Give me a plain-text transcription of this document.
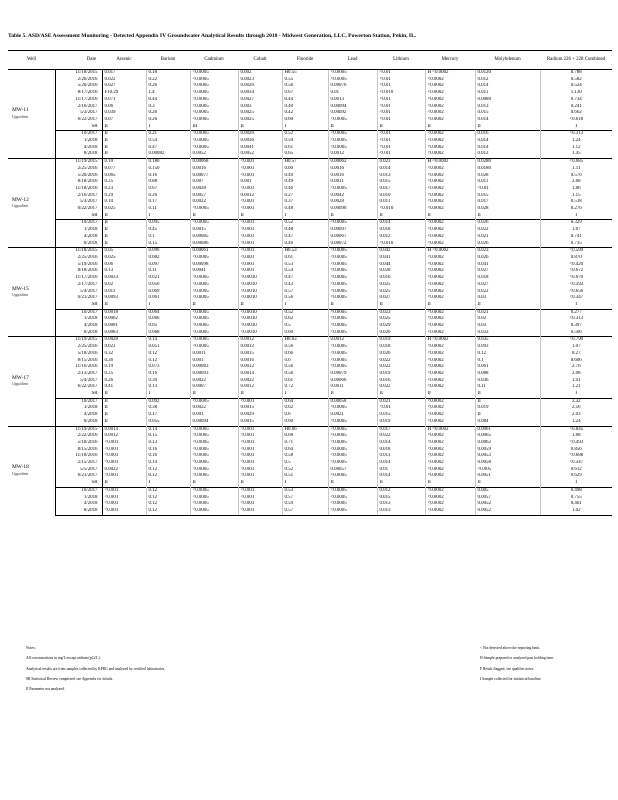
Table 5. ASD/ASE Assessment Monitoring - Detected Appendix IV Groundwater Analytical Results through 2018 - Midwest Generation, LLC, Powerton Station, Pekin, IL.
Well	Date	Arsenic	Barium	Cadmium	Cobalt	Fluoride	Lead	Lithium	Mercury	Molybdenum	Radium 226 + 228 Combined

MW-11
Upgradient	11/18/2015	0.017	0.18	<0.0005	0.002	H0.55	<0.0005	<0.01	H <0.0002	0.0120	0.788
	2/26/2016	0.022	0.22	<0.0005	0.0023	0.55	<0.0005	<0.01	<0.0002	0.012	0.582
	5/20/2016	0.027	0.26	<0.0005	0.0026	0.56	0.00076	<0.01	<0.0002	0.014	0.524
	8/17/2016	F10.29	1.4	<0.0005	0.0034	0.67	0.01	<0.010	<0.0002	0.011	1.130
	11/17/2016	0.071	0.44	<0.0005	0.0027	0.44	0.0013	<0.01	<0.0002	0.0088	0.734
	2/16/2017	0.06	0.3	<0.0005	0.003	0.40	0.00094	<0.01	<0.0002	0.013	0.241
	5/3/2017	0.039	0.26	<0.0005	0.0025	0.42	0.00092	<0.01	<0.0002	0.015	0.662
	6/22/2017	0.07	0.26	<0.0005	0.0025	0.60	<0.0005	<0.01	<0.0002	0.014	<0.618
	SR	II	I	III	II	I	II	II	II	II	I
	10/2017	II	0.21	<0.0005	0.0026	0.52	<0.0005	<0.01	<0.0002	0.016	<0.313
	1/2018	II	0.54	<0.0005	0.0036	0.59	<0.0005	<0.01	<0.0002	0.014	1.24
	4/2018	II	0.47	<0.0005	0.0041	0.61	<0.0005	<0.01	<0.0002	0.014	1.12
	8/2018	II	0.00082	0.0052	0.0052	0.65	0.0012	<0.01	<0.0002	0.012	1.45

MW-12
Upgradient	11/19/2015	0.10	0.180	0.00068	<0.001	H0.57	0.00062	0.023	H <0.0002	0.0280	<0.685
	2/25/2016	0.077	0.150	0.0016	<0.001	0.60	0.0016	0.014	<0.0002	0.0180	1.11
	5/20/2016	0.065	0.16	0.00077	<0.001	0.49	0.0016	0.013	<0.0002	0.028	0.576
	8/18/2016	0.25	0.88	0.007	0.001	0.49	0.0011	0.015	<0.0002	0.011	2.68
	11/18/2016	0.23	0.67	0.0028	<0.001	0.46	<0.0005	0.017	<0.0002	<0.01	1.86
	2/16/2017	0.29	0.26	0.0057	0.0012	0.27	0.0042	0.010	<0.0002	0.015	1.15
	5/3/2017	0.10	0.17	0.0022	<0.001	0.37	0.0028	0.011	<0.0002	0.017	0.518
	6/22/2017	0.025	0.11	<0.0005	<0.001	0.48	0.00096	<0.010	<0.0002	0.028	0.276
	SR	II	I	II	II	I	II	II	II	II	I
	10/2017	II	0.095	<0.0005	<0.001	0.52	<0.0005	0.014	<0.0002	0.026	0.329
	1/2018	II	0.45	0.0015	<0.001	0.48	0.00097	0.018	<0.0002	0.022	1.67
	4/2018	II	0.1	0.00085	<0.001	0.47	0.00067	0.012	<0.0002	0.021	0.741
	8/2018	II	0.15	0.00086	<0.001	0.46	0.00072	<0.010	<0.0002	0.026	0.735

MW-15
Upgradient	11/18/2015	0.05	0.096	0.00061	<0.001	H0.53	<0.0005	0.042	H <0.0002	0.023	<0.599
	2/25/2016	0.025	0.082	<0.0005	<0.001	0.61	<0.0005	0.041	<0.0002	0.026	0.870
	5/19/2016	0.06	0.097	0.00098	<0.001	0.53	<0.0005	0.044	<0.0002	0.041	<0.420
	8/18/2016	0.13	0.11	0.0041	<0.001	0.54	<0.0005	0.028	<0.0002	0.027	<0.672
	11/17/2016	0.0033	0.021	<0.0005	<0.0010	0.47	<0.0005	0.016	<0.0002	0.018	<0.670
	2/17/2017	0.02	0.056	<0.0005	<0.0010	0.43	<0.0005	0.025	<0.0002	0.027	<0.393
	5/4/2017	0.011	0.069	<0.0005	<0.0010	0.57	<0.0005	0.025	<0.0002	0.022	<0.656
	6/21/2017	0.0093	0.061	<0.0005	<0.0010	0.56	<0.0005	0.027	<0.0002	0.03	<0.347
	SR	II	I	II	II	I	II	II	II	II	I
	10/2017	0.0018	0.064	<0.0005	<0.0010	0.52	<0.0005	0.023	<0.0002	0.021	0.277
	1/2018	0.0062	0.066	<0.0005	<0.0010	0.62	<0.0005	0.025	<0.0002	0.02	<0.313
	4/2018	0.0081	0.05	<0.0005	<0.0010	0.5	<0.0005	0.029	<0.0002	0.03	0.397
	8/2018	0.0083	0.068	<0.0005	<0.0010	0.60	<0.0005	0.026	<0.0002	0.033	0.566

MW-17
Upgradient	11/19/2015	0.0028	0.14	<0.0005	0.0012	H0.63	0.0012	0.019	H <0.0002	0.035	<0.790
	2/25/2016	0.021	0.051	<0.0005	0.0012	0.56	<0.0005	0.018	<0.0002	0.093	1.07
	5/18/2016	0.32	0.12	0.0011	0.0015	0.66	<0.0005	0.026	<0.0002	0.12	8.27
	8/15/2016	0.36	0.12	0.001	0.0016	0.6	<0.0005	0.022	<0.0002	0.1	0.606
	11/16/2016	0.19	0.073	0.00083	0.0012	0.56	<0.0005	0.022	<0.0002	0.061	2.76
	2/13/2017	0.25	0.16	0.00093	0.0014	0.56	0.00079	0.019	<0.0002	0.088	2.08
	5/4/2017	0.26	0.39	0.0022	0.0022	0.61	0.00066	0.016	<0.0002	0.036	1.91
	6/22/2017	0.41	0.13	0.0007	0.0012	0.72	0.0011	0.022	<0.0002	0.11	1.21
	SR	II	I	II	II	I	II	II	II	II	I
	10/2017	II	0.092	<0.0005	<0.001	0.64	0.00058	0.021	<0.0002	II	2.32
	1/2018	II	0.38	0.0022	0.0015	0.62	<0.0005	<0.01	<0.0002	0.019	2.56
	4/2018	II	0.17	0.001	0.0029	0.6	0.0021	0.015	<0.0002	II	2.03
	8/2018	II	0.055	0.00094	0.0015	0.60	<0.0005	0.019	<0.0002	0.084	1.24

MW-18
Upgradient	11/19/2015	0.0014	0.14	<0.0005	<0.001	H0.66	<0.0005	0.017	H <0.0002	0.0061	<0.845
	2/22/2016	0.0012	0.15	<0.0005	<0.001	0.68	<0.0005	0.022	<0.0002	0.0065	1.88
	5/18/2016	<0.001	0.13	<0.0005	<0.001	0.71	<0.0005	0.014	<0.0002	0.0062	<0.493
	8/15/2016	<0.001	0.16	<0.0005	<0.001	0.64	<0.0005	0.018	<0.0002	0.0059	0.856
	11/18/2016	<0.001	0.16	<0.0005	<0.001	0.58	<0.0005	0.013	<0.0002	0.0053	<0.688
	2/15/2017	<0.001	0.14	<0.0005	<0.001	0.5	<0.0005	0.014	<0.0002	0.0058	<0.347
	5/5/2017	0.0022	0.12	<0.0005	<0.001	0.52	0.00057	0.01	<0.0002	<0.005	0.612
	6/21/2017	<0.001	0.12	<0.0005	<0.001	0.51	<0.0005	0.014	<0.0002	0.0051	0.629
	SR	II	I	II	II	I	II	II	II	II	I
	10/2017	<0.001	0.12	<0.0005	<0.001	0.53	<0.0005	0.012	<0.0002	0.005	0.498
	1/2018	<0.001	0.12	<0.0005	<0.001	0.57	<0.0005	0.015	<0.0002	0.0057	0.755
	4/2018	<0.001	0.12	<0.0005	<0.001	0.59	<0.0005	0.013	<0.0002	0.0052	0.461
	8/2018	<0.001	0.12	<0.0005	<0.001	0.57	<0.0005	0.013	<0.0002	0.0052	1.02
Notes:
All concentrations in mg/L except radium (pCi/L).
Analytical results are from samples collected by KPRG and analyzed by certified laboratories.
SR Statistical Review completed; see Appendix for details.
II Parameter not analyzed.
< Not detected above the reporting limit.
H Sample prepared or analyzed past holding time.
F Result flagged; see qualifier notes.
I Sample collected for statistical baseline.
